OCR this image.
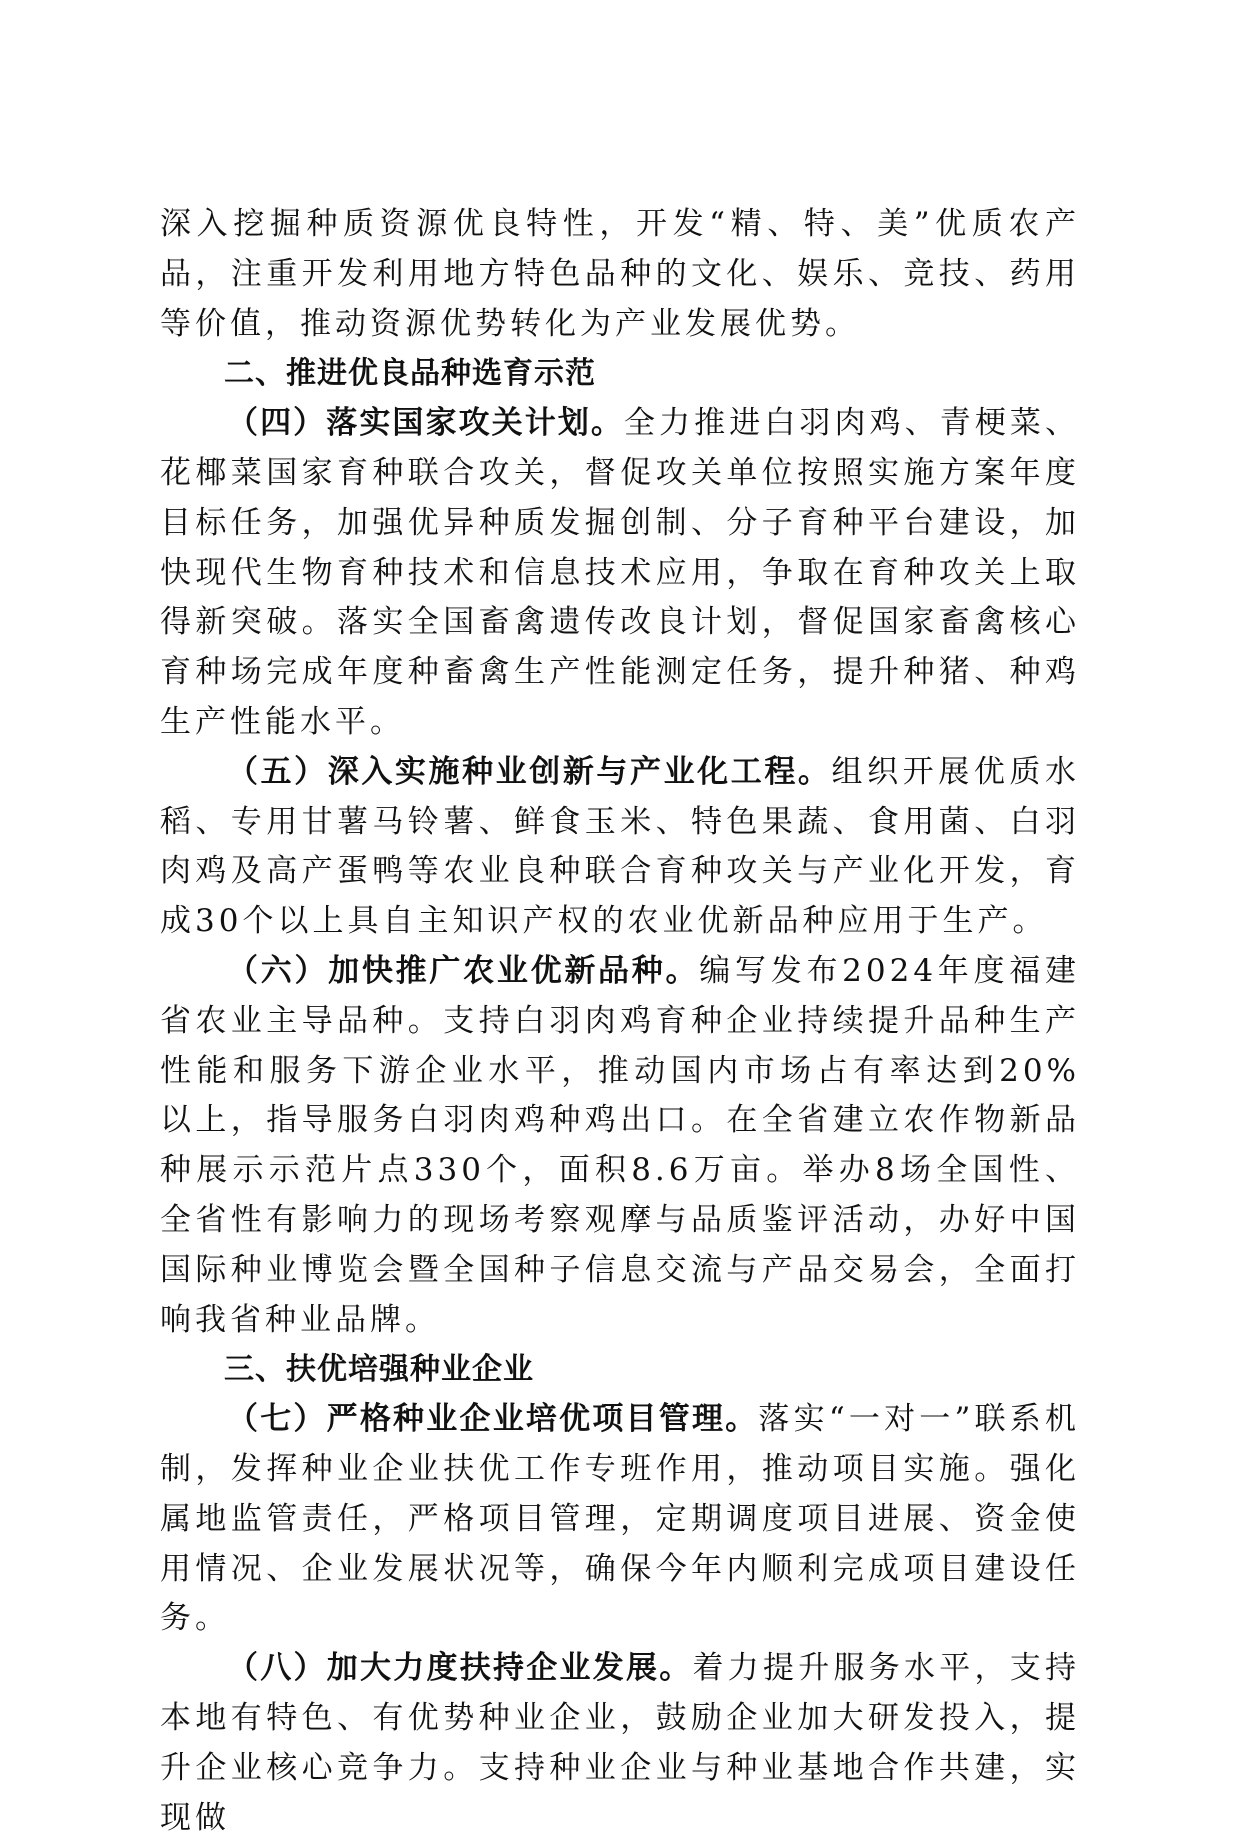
深入挖掘种质资源优良特性，开发“精、特、美”优质农产品，注重开发利用地方特色品种的文化、娱乐、竞技、药用等价值，推动资源优势转化为产业发展优势。

二、推进优良品种选育示范

（四）落实国家攻关计划。全力推进白羽肉鸡、青梗菜、花椰菜国家育种联合攻关，督促攻关单位按照实施方案年度目标任务，加强优异种质发掘创制、分子育种平台建设，加快现代生物育种技术和信息技术应用，争取在育种攻关上取得新突破。落实全国畜禽遗传改良计划，督促国家畜禽核心育种场完成年度种畜禽生产性能测定任务，提升种猪、种鸡生产性能水平。

（五）深入实施种业创新与产业化工程。组织开展优质水稻、专用甘薯马铃薯、鲜食玉米、特色果蔬、食用菌、白羽肉鸡及高产蛋鸭等农业良种联合育种攻关与产业化开发，育成30个以上具自主知识产权的农业优新品种应用于生产。

（六）加快推广农业优新品种。编写发布2024年度福建省农业主导品种。支持白羽肉鸡育种企业持续提升品种生产性能和服务下游企业水平，推动国内市场占有率达到20%以上，指导服务白羽肉鸡种鸡出口。在全省建立农作物新品种展示示范片点330个，面积8.6万亩。举办8场全国性、全省性有影响力的现场考察观摩与品质鉴评活动，办好中国国际种业博览会暨全国种子信息交流与产品交易会，全面打响我省种业品牌。

三、扶优培强种业企业

（七）严格种业企业培优项目管理。落实“一对一”联系机制，发挥种业企业扶优工作专班作用，推动项目实施。强化属地监管责任，严格项目管理，定期调度项目进展、资金使用情况、企业发展状况等，确保今年内顺利完成项目建设任务。

（八）加大力度扶持企业发展。着力提升服务水平，支持本地有特色、有优势种业企业，鼓励企业加大研发投入，提升企业核心竞争力。支持种业企业与种业基地合作共建，实现做
